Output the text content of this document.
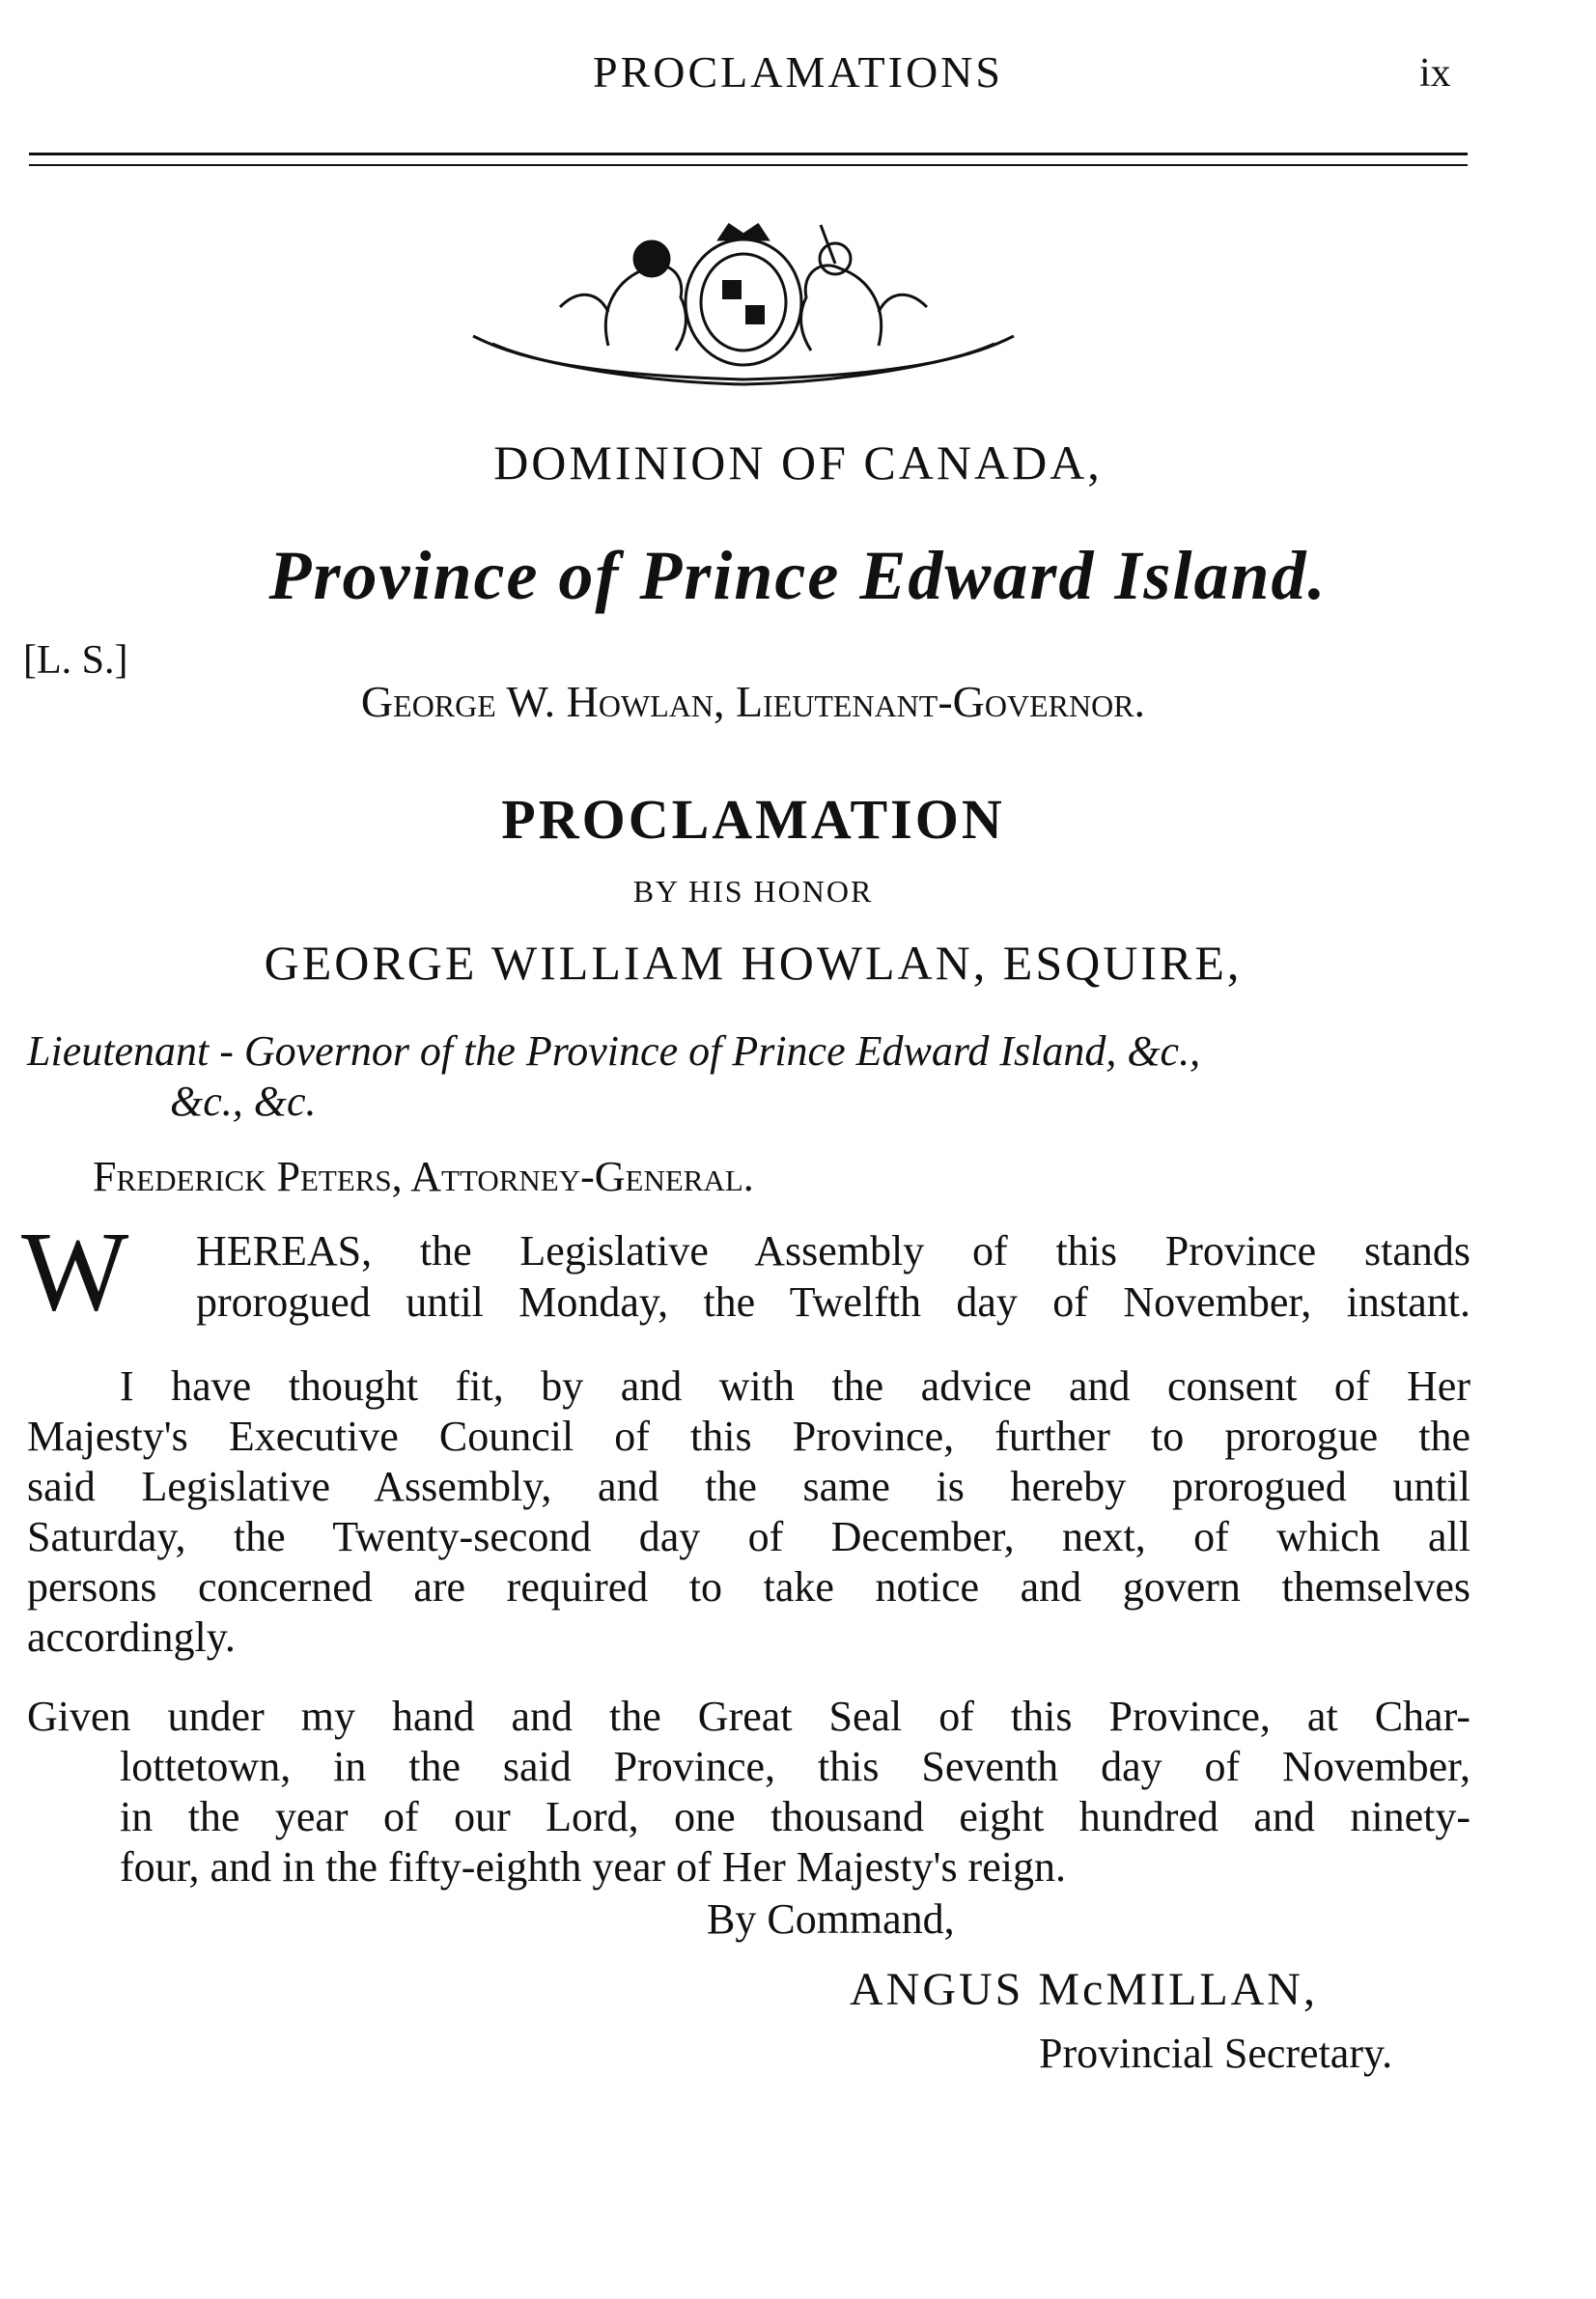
PROCLAMATIONS	ix
DOMINION OF CANADA,
Province of Prince Edward Island.
[L. S.]
George W. Howlan, Lieutenant-Governor.
PROCLAMATION
BY HIS HONOR
GEORGE WILLIAM HOWLAN, ESQUIRE,
Lieutenant - Governor of the Province of Prince Edward Island, &c.,
&c., &c.
Frederick Peters, Attorney-General.
W HEREAS, the Legislative Assembly of this Province stands
prorogued until Monday, the Twelfth day of November, instant.
I have thought fit, by and with the advice and consent of Her
Majesty's Executive Council of this Province, further to prorogue the
said Legislative Assembly, and the same is hereby prorogued until
Saturday, the Twenty-second day of December, next, of which all
persons concerned are required to take notice and govern themselves
accordingly.
Given under my hand and the Great Seal of this Province, at Char-
lottetown, in the said Province, this Seventh day of November,
in the year of our Lord, one thousand eight hundred and ninety-
four, and in the fifty-eighth year of Her Majesty's reign.
By Command,
ANGUS McMILLAN,
Provincial Secretary.
